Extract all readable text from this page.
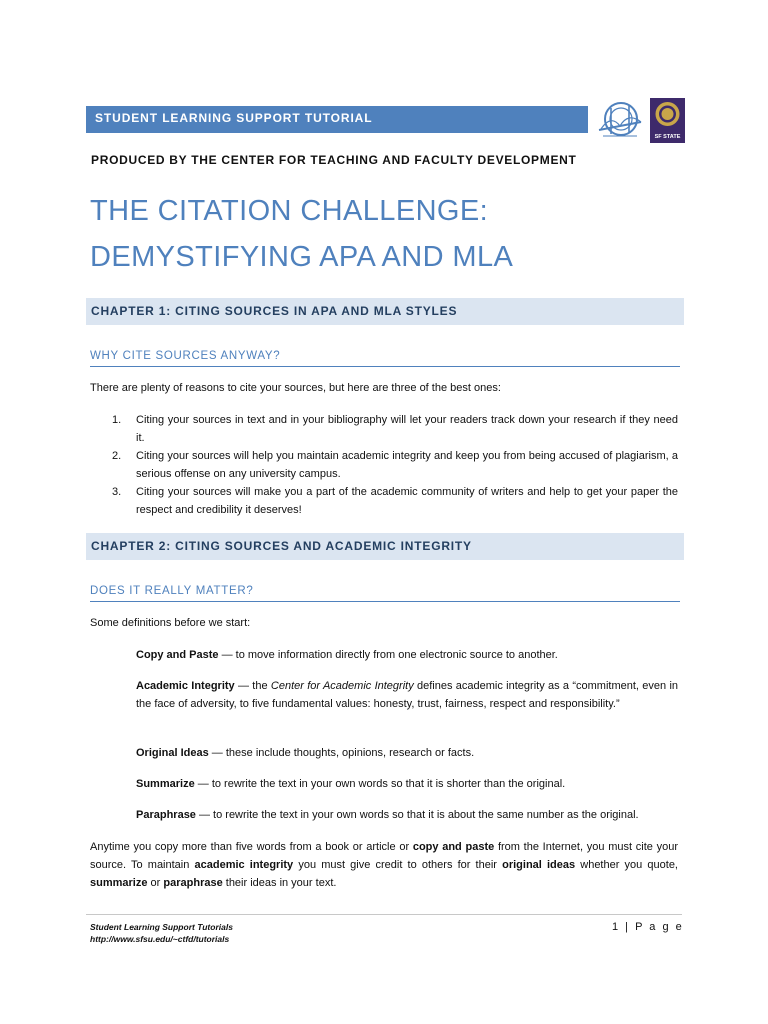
STUDENT LEARNING SUPPORT TUTORIAL
SF STATE
PRODUCED BY THE CENTER FOR TEACHING AND FACULTY DEVELOPMENT
THE CITATION CHALLENGE:
DEMYSTIFYING APA AND MLA
CHAPTER 1: CITING SOURCES IN APA AND MLA STYLES
WHY CITE SOURCES ANYWAY?
There are plenty of reasons to cite your sources, but here are three of the best ones:
1. Citing your sources in text and in your bibliography will let your readers track down your research if they need it.
2. Citing your sources will help you maintain academic integrity and keep you from being accused of plagiarism, a serious offense on any university campus.
3. Citing your sources will make you a part of the academic community of writers and help to get your paper the respect and credibility it deserves!
CHAPTER 2: CITING SOURCES AND ACADEMIC INTEGRITY
DOES IT REALLY MATTER?
Some definitions before we start:
Copy and Paste — to move information directly from one electronic source to another.
Academic Integrity — the Center for Academic Integrity defines academic integrity as a “commitment, even in the face of adversity, to five fundamental values: honesty, trust, fairness, respect and responsibility.”
Original Ideas — these include thoughts, opinions, research or facts.
Summarize — to rewrite the text in your own words so that it is shorter than the original.
Paraphrase — to rewrite the text in your own words so that it is about the same number as the original.
Anytime you copy more than five words from a book or article or copy and paste from the Internet, you must cite your source. To maintain academic integrity you must give credit to others for their original ideas whether you quote, summarize or paraphrase their ideas in your text.
Student Learning Support Tutorials
http://www.sfsu.edu/~ctfd/tutorials
1 | P a g e
